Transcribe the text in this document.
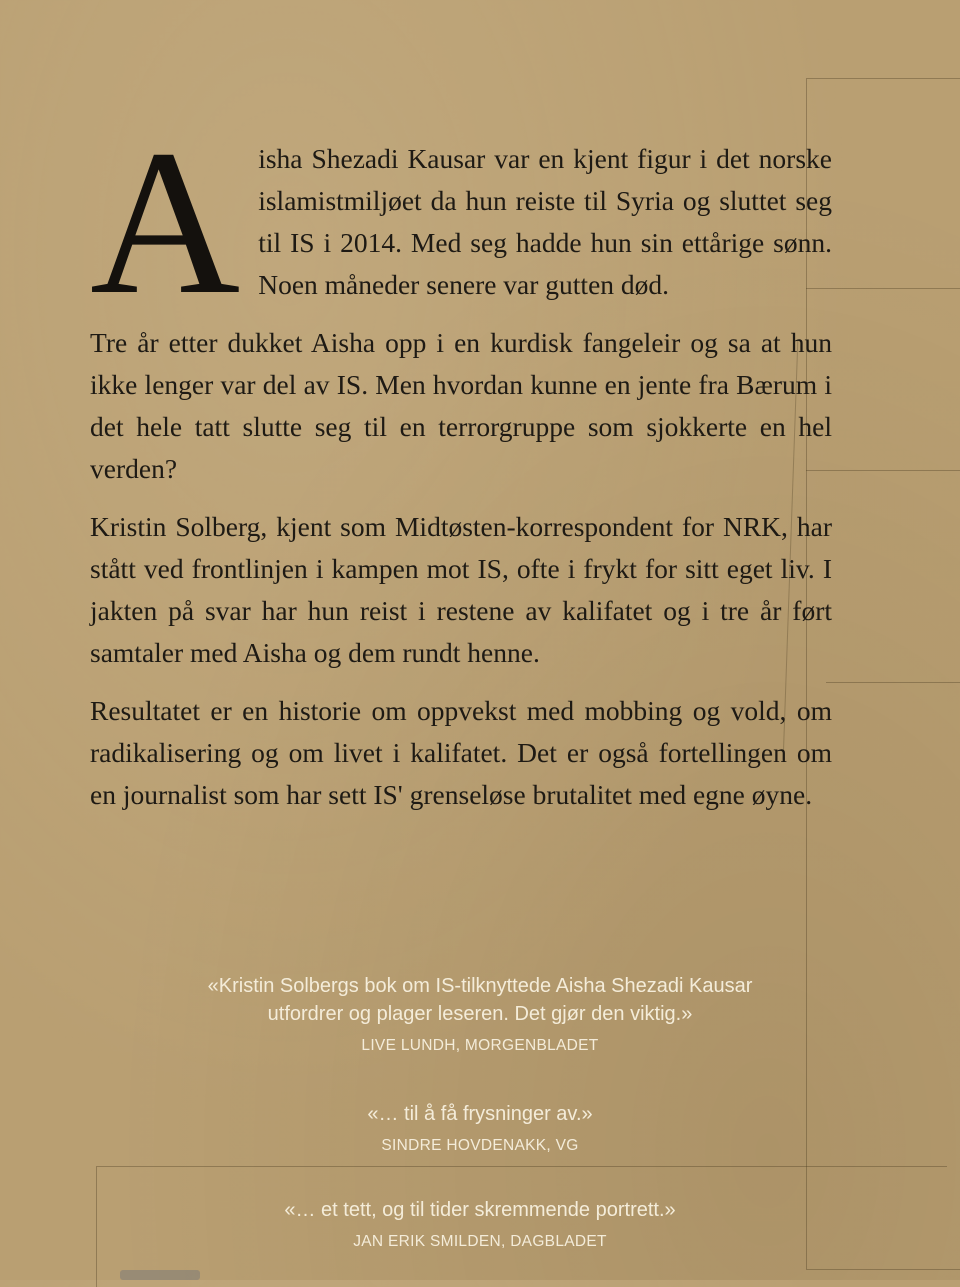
Aisha Shezadi Kausar var en kjent figur i det norske islamistmiljøet da hun reiste til Syria og sluttet seg til IS i 2014. Med seg hadde hun sin ettårige sønn. Noen måneder senere var gutten død.

Tre år etter dukket Aisha opp i en kurdisk fangeleir og sa at hun ikke lenger var del av IS. Men hvordan kunne en jente fra Bærum i det hele tatt slutte seg til en terrorgruppe som sjokkerte en hel verden?

Kristin Solberg, kjent som Midtøsten-korrespondent for NRK, har stått ved frontlinjen i kampen mot IS, ofte i frykt for sitt eget liv. I jakten på svar har hun reist i restene av kalifatet og i tre år ført samtaler med Aisha og dem rundt henne.

Resultatet er en historie om oppvekst med mobbing og vold, om radikalisering og om livet i kalifatet. Det er også fortellingen om en journalist som har sett IS' grenseløse brutalitet med egne øyne.

«Kristin Solbergs bok om IS-tilknyttede Aisha Shezadi Kausar

utfordrer og plager leseren. Det gjør den viktig.»

LIVE LUNDH, MORGENBLADET

«… til å få frysninger av.»

SINDRE HOVDENAKK, VG

«… et tett, og til tider skremmende portrett.»

JAN ERIK SMILDEN, DAGBLADET
